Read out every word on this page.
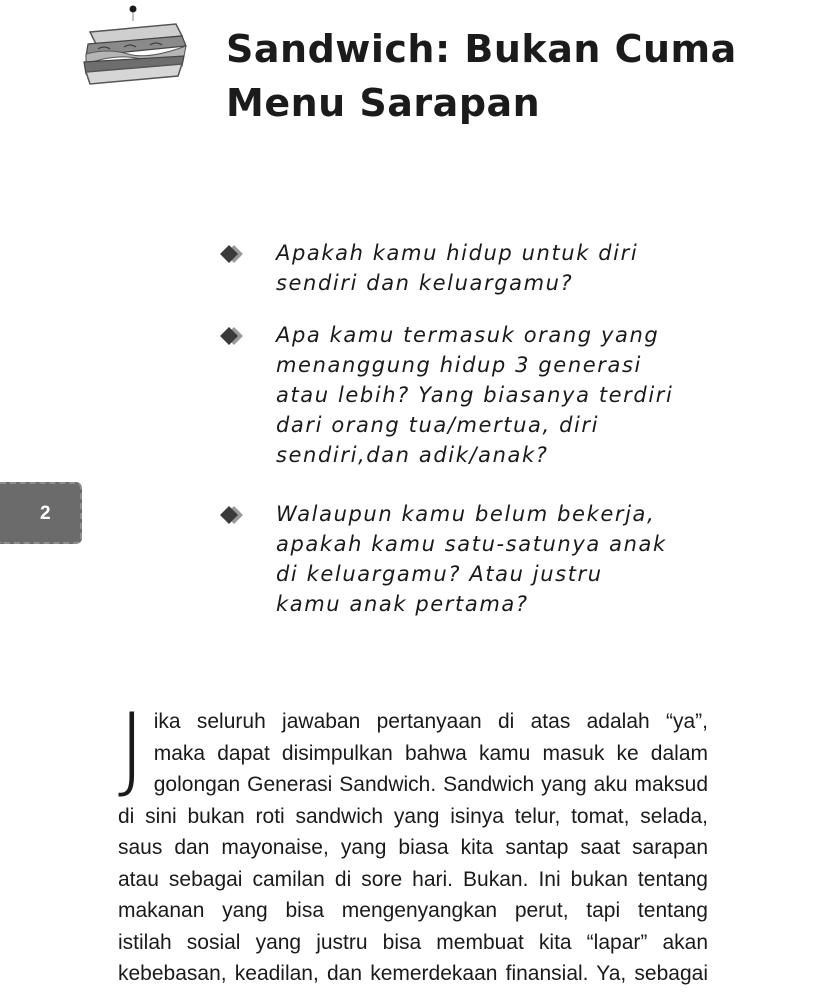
Sandwich: Bukan Cuma
Menu Sarapan
2
Apakah kamu hidup untuk diri
sendiri dan keluargamu?
Apa kamu termasuk orang yang
menanggung hidup 3 generasi
atau lebih? Yang biasanya terdiri
dari orang tua/mertua, diri
sendiri,dan adik/anak?
Walaupun kamu belum bekerja,
apakah kamu satu-satunya anak
di keluargamu? Atau justru
kamu anak pertama?
J ika seluruh jawaban pertanyaan di atas adalah “ya”,
maka dapat disimpulkan bahwa kamu masuk ke dalam
golongan Generasi Sandwich. Sandwich yang aku maksud
di sini bukan roti sandwich yang isinya telur, tomat, selada,
saus dan mayonaise, yang biasa kita santap saat sarapan
atau sebagai camilan di sore hari. Bukan. Ini bukan tentang
makanan yang bisa mengenyangkan perut, tapi tentang
istilah sosial yang justru bisa membuat kita “lapar” akan
kebebasan, keadilan, dan kemerdekaan finansial. Ya, sebagai
